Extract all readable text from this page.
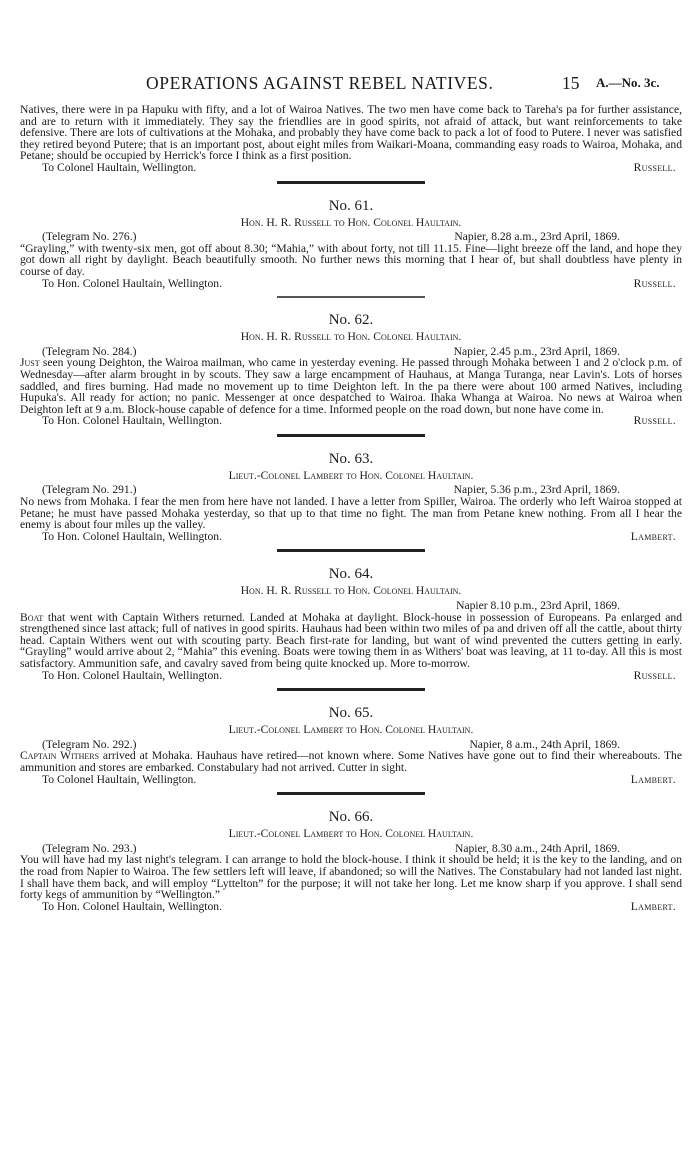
OPERATIONS AGAINST REBEL NATIVES.	15 A.—No. 3c.

Natives, there were in pa Hapuku with fifty, and a lot of Wairoa Natives. The two men have come back to Tareha's pa for further assistance, and are to return with it immediately. They say the friendlies are in good spirits, not afraid of attack, but want reinforcements to take defensive. There are lots of cultivations at the Mohaka, and probably they have come back to pack a lot of food to Putere. I never was satisfied they retired beyond Putere; that is an important post, about eight miles from Waikari-Moana, commanding easy roads to Wairoa, Mohaka, and Petane; should be occupied by Herrick's force I think as a first position.

To Colonel Haultain, Wellington.	Russell.
No. 61.
Hon. H. R. Russell to Hon. Colonel Haultain.
(Telegram No. 276.)	Napier, 8.28 a.m., 23rd April, 1869.

“Grayling,” with twenty-six men, got off about 8.30; “Mahia,” with about forty, not till 11.15. Fine—light breeze off the land, and hope they got down all right by daylight. Beach beautifully smooth. No further news this morning that I hear of, but shall doubtless have plenty in course of day.

To Hon. Colonel Haultain, Wellington.	Russell.
No. 62.
Hon. H. R. Russell to Hon. Colonel Haultain.
(Telegram No. 284.)	Napier, 2.45 p.m., 23rd April, 1869.

Just seen young Deighton, the Wairoa mailman, who came in yesterday evening. He passed through Mohaka between 1 and 2 o'clock p.m. of Wednesday—after alarm brought in by scouts. They saw a large encampment of Hauhaus, at Manga Turanga, near Lavin's. Lots of horses saddled, and fires burning. Had made no movement up to time Deighton left. In the pa there were about 100 armed Natives, including Hupuka's. All ready for action; no panic. Messenger at once despatched to Wairoa. Ihaka Whanga at Wairoa. No news at Wairoa when Deighton left at 9 a.m. Block-house capable of defence for a time. Informed people on the road down, but none have come in.

To Hon. Colonel Haultain, Wellington.	Russell.
No. 63.
Lieut.-Colonel Lambert to Hon. Colonel Haultain.
(Telegram No. 291.)	Napier, 5.36 p.m., 23rd April, 1869.

No news from Mohaka. I fear the men from here have not landed. I have a letter from Spiller, Wairoa. The orderly who left Wairoa stopped at Petane; he must have passed Mohaka yesterday, so that up to that time no fight. The man from Petane knew nothing. From all I hear the enemy is about four miles up the valley.

To Hon. Colonel Haultain, Wellington.	Lambert.
No. 64.
Hon. H. R. Russell to Hon. Colonel Haultain.
Napier 8.10 p.m., 23rd April, 1869.

Boat that went with Captain Withers returned. Landed at Mohaka at daylight. Block-house in possession of Europeans. Pa enlarged and strengthened since last attack; full of natives in good spirits. Hauhaus had been within two miles of pa and driven off all the cattle, about thirty head. Captain Withers went out with scouting party. Beach first-rate for landing, but want of wind prevented the cutters getting in early. “Grayling” would arrive about 2, “Mahia” this evening. Boats were towing them in as Withers' boat was leaving, at 11 to-day. All this is most satisfactory. Ammunition safe, and cavalry saved from being quite knocked up. More to-morrow.

To Hon. Colonel Haultain, Wellington.	Russell.
No. 65.
Lieut.-Colonel Lambert to Hon. Colonel Haultain.
(Telegram No. 292.)	Napier, 8 a.m., 24th April, 1869.

Captain Withers arrived at Mohaka. Hauhaus have retired—not known where. Some Natives have gone out to find their whereabouts. The ammunition and stores are embarked. Constabulary had not arrived. Cutter in sight.

To Colonel Haultain, Wellington.	Lambert.
No. 66.
Lieut.-Colonel Lambert to Hon. Colonel Haultain.
(Telegram No. 293.)	Napier, 8.30 a.m., 24th April, 1869.

You will have had my last night's telegram. I can arrange to hold the block-house. I think it should be held; it is the key to the landing, and on the road from Napier to Wairoa. The few settlers left will leave, if abandoned; so will the Natives. The Constabulary had not landed last night. I shall have them back, and will employ “Lyttelton” for the purpose; it will not take her long. Let me know sharp if you approve. I shall send forty kegs of ammunition by “Wellington.”

To Hon. Colonel Haultain, Wellington.	Lambert.
